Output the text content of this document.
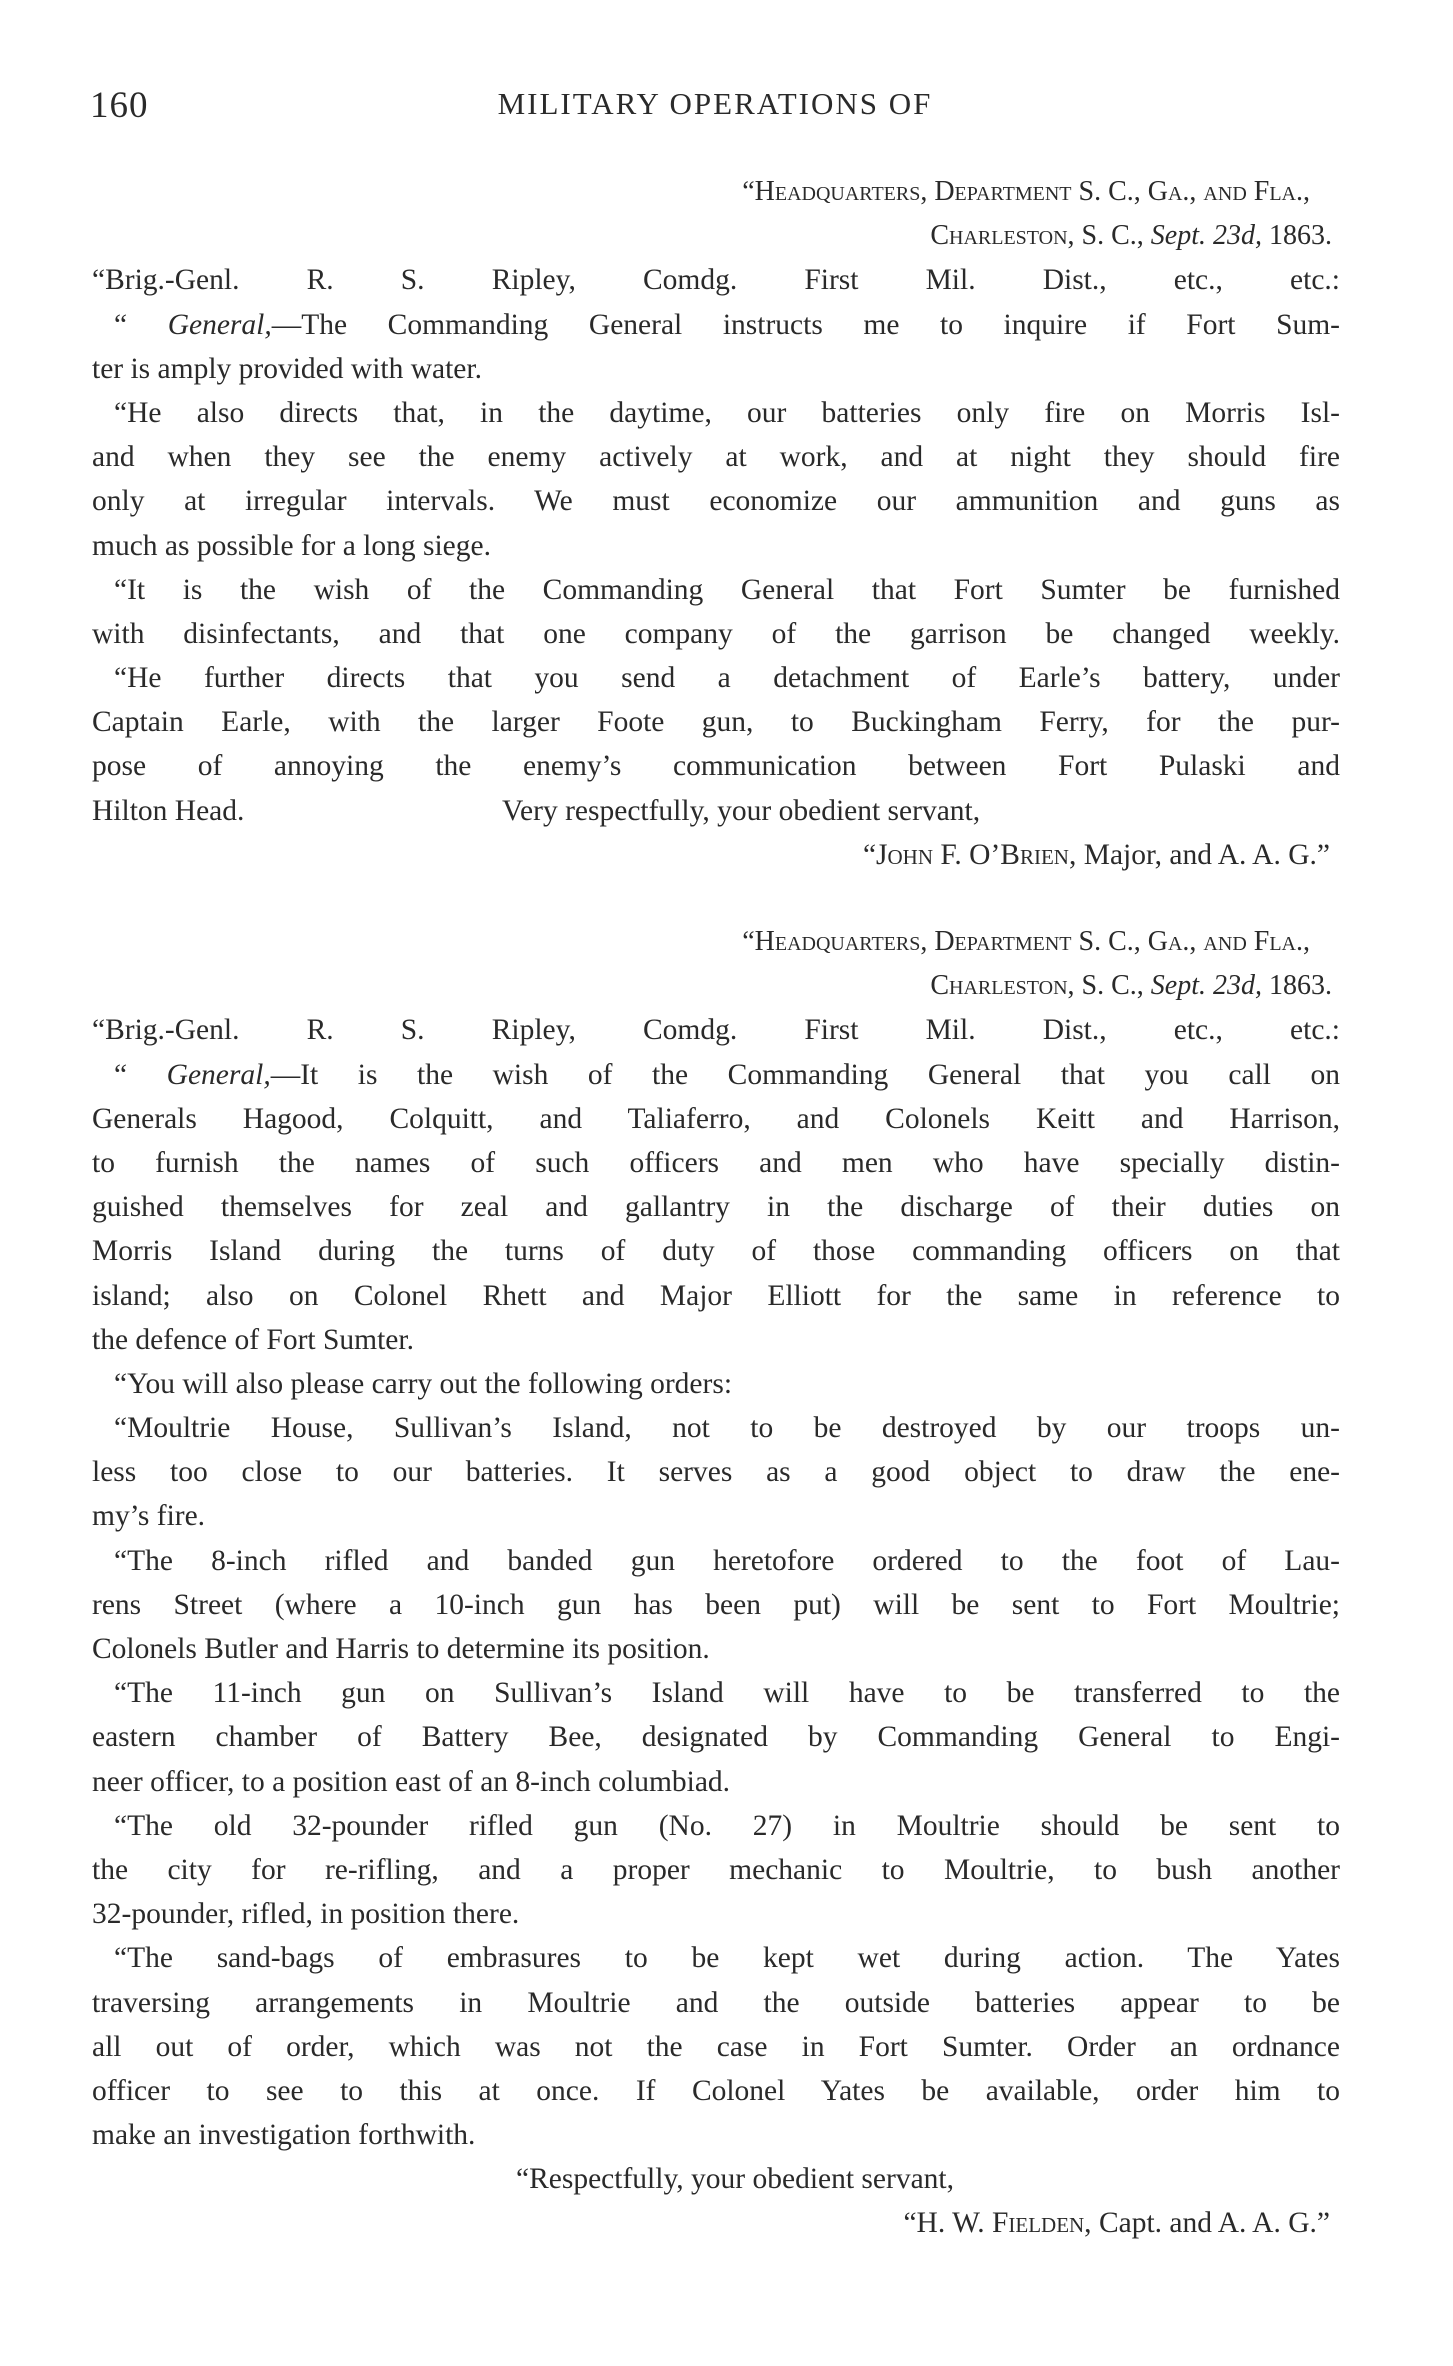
160	MILITARY OPERATIONS OF
“Headquarters, Department S. C., Ga., and Fla.,
Charleston, S. C., Sept. 23d, 1863.
“Brig.-Genl. R. S. Ripley, Comdg. First Mil. Dist., etc., etc.:
“ General,—The Commanding General instructs me to inquire if Fort Sum-
ter is amply provided with water.
“He also directs that, in the daytime, our batteries only fire on Morris Isl-
and when they see the enemy actively at work, and at night they should fire
only at irregular intervals. We must economize our ammunition and guns as
much as possible for a long siege.
“It is the wish of the Commanding General that Fort Sumter be furnished
with disinfectants, and that one company of the garrison be changed weekly.
“He further directs that you send a detachment of Earle’s battery, under
Captain Earle, with the larger Foote gun, to Buckingham Ferry, for the pur-
pose of annoying the enemy’s communication between Fort Pulaski and
Hilton Head.	Very respectfully, your obedient servant,
“John F. O’Brien, Major, and A. A. G.”
“Headquarters, Department S. C., Ga., and Fla.,
Charleston, S. C., Sept. 23d, 1863.
“Brig.-Genl. R. S. Ripley, Comdg. First Mil. Dist., etc., etc.:
“ General,—It is the wish of the Commanding General that you call on
Generals Hagood, Colquitt, and Taliaferro, and Colonels Keitt and Harrison,
to furnish the names of such officers and men who have specially distin-
guished themselves for zeal and gallantry in the discharge of their duties on
Morris Island during the turns of duty of those commanding officers on that
island; also on Colonel Rhett and Major Elliott for the same in reference to
the defence of Fort Sumter.
“You will also please carry out the following orders:
“Moultrie House, Sullivan’s Island, not to be destroyed by our troops un-
less too close to our batteries. It serves as a good object to draw the ene-
my’s fire.
“The 8-inch rifled and banded gun heretofore ordered to the foot of Lau-
rens Street (where a 10-inch gun has been put) will be sent to Fort Moultrie;
Colonels Butler and Harris to determine its position.
“The 11-inch gun on Sullivan’s Island will have to be transferred to the
eastern chamber of Battery Bee, designated by Commanding General to Engi-
neer officer, to a position east of an 8-inch columbiad.
“The old 32-pounder rifled gun (No. 27) in Moultrie should be sent to
the city for re-rifling, and a proper mechanic to Moultrie, to bush another
32-pounder, rifled, in position there.
“The sand-bags of embrasures to be kept wet during action. The Yates
traversing arrangements in Moultrie and the outside batteries appear to be
all out of order, which was not the case in Fort Sumter. Order an ordnance
officer to see to this at once. If Colonel Yates be available, order him to
make an investigation forthwith.
“Respectfully, your obedient servant,
“H. W. Fielden, Capt. and A. A. G.”
